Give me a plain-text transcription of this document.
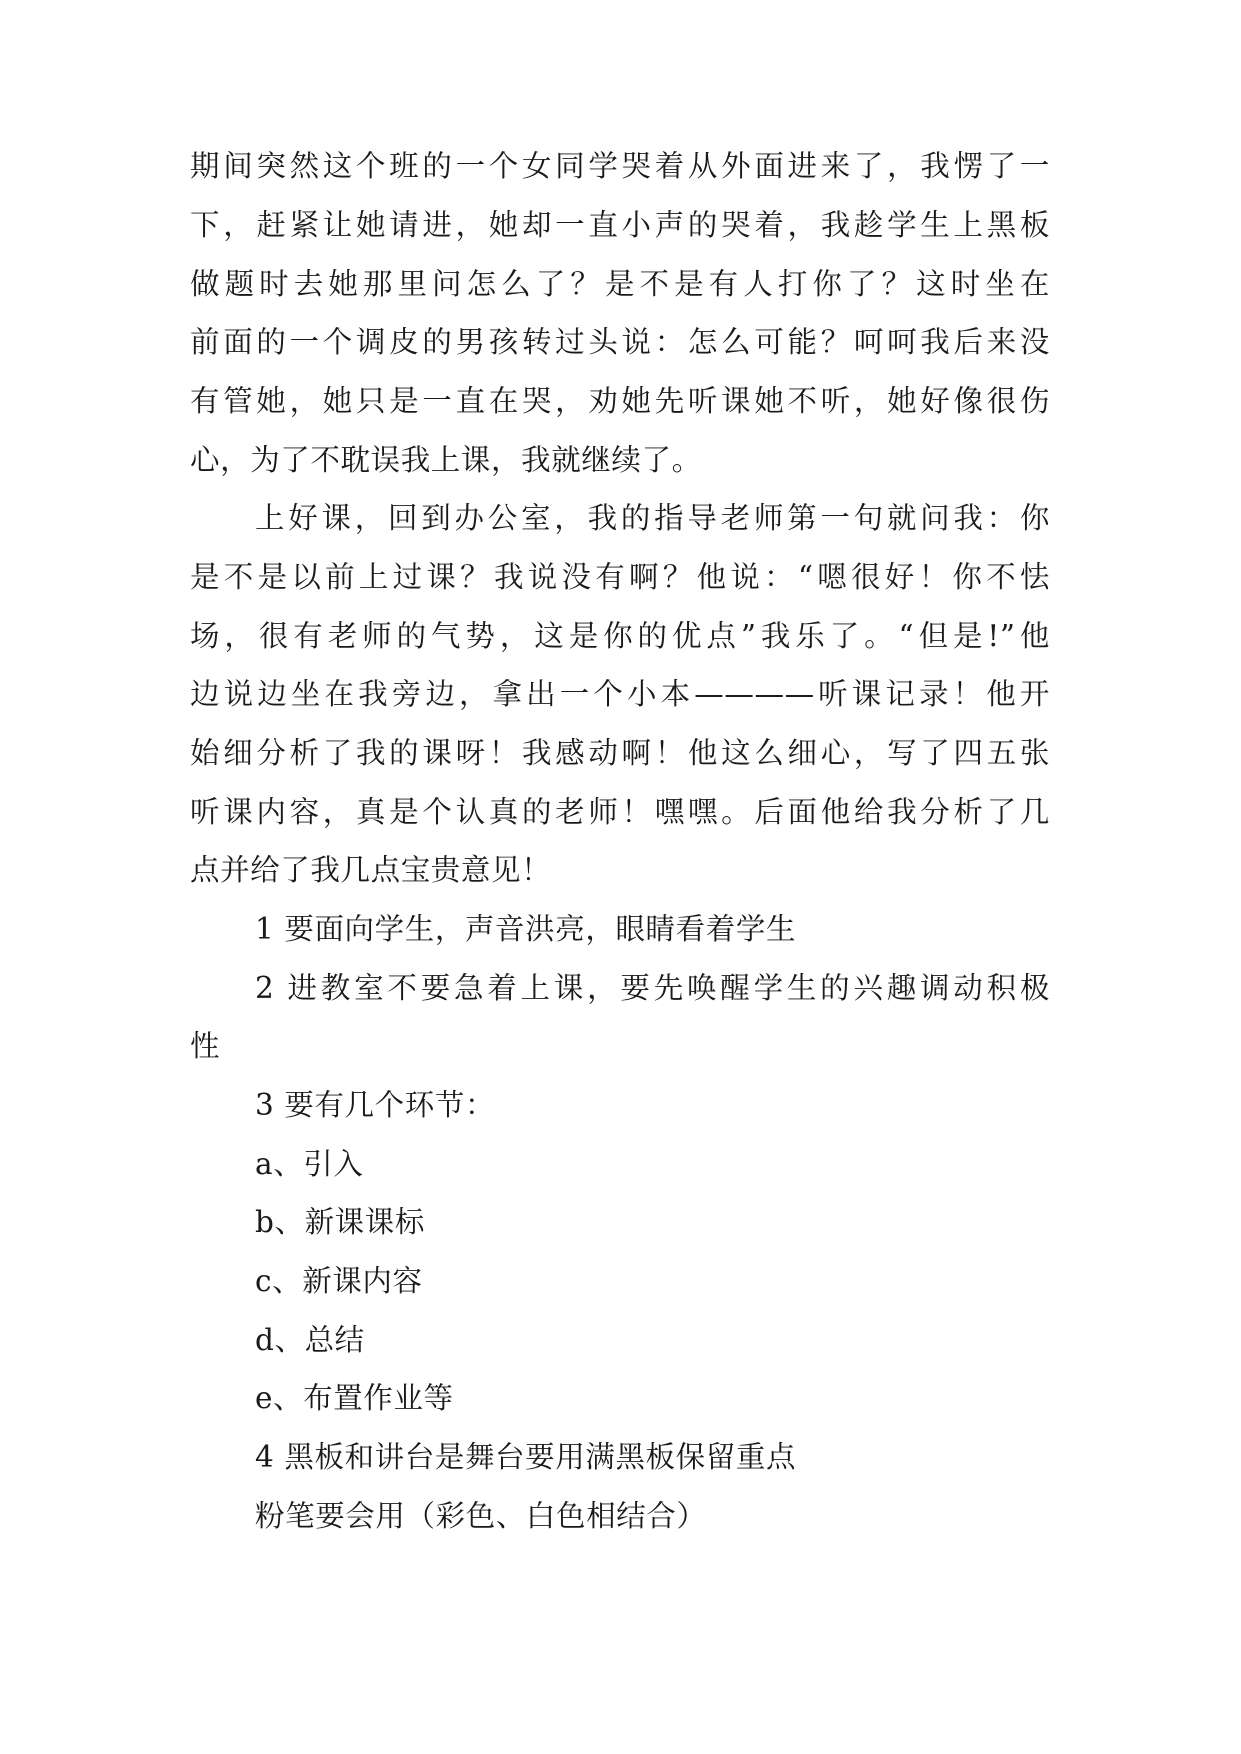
期间突然这个班的一个女同学哭着从外面进来了，我愣了一
下，赶紧让她请进，她却一直小声的哭着，我趁学生上黑板
做题时去她那里问怎么了？是不是有人打你了？这时坐在
前面的一个调皮的男孩转过头说：怎么可能？呵呵我后来没
有管她，她只是一直在哭，劝她先听课她不听，她好像很伤
心，为了不耽误我上课，我就继续了。
上好课，回到办公室，我的指导老师第一句就问我：你
是不是以前上过课？我说没有啊？他说：“嗯很好！你不怯
场，很有老师的气势，这是你的优点”我乐了。“但是!”他
边说边坐在我旁边，拿出一个小本————听课记录！他开
始细分析了我的课呀！我感动啊！他这么细心，写了四五张
听课内容，真是个认真的老师！嘿嘿。后面他给我分析了几
点并给了我几点宝贵意见！
1 要面向学生，声音洪亮，眼睛看着学生
2 进教室不要急着上课，要先唤醒学生的兴趣调动积极
性
3 要有几个环节：
a、引入
b、新课课标
c、新课内容
d、总结
e、布置作业等
4 黑板和讲台是舞台要用满黑板保留重点
粉笔要会用（彩色、白色相结合）
